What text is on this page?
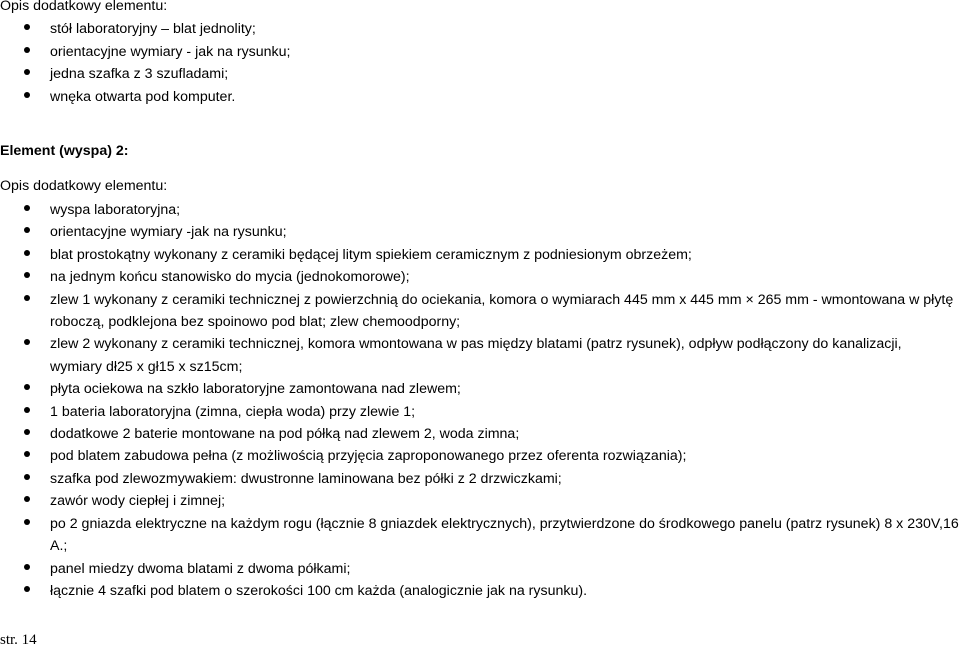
Opis dodatkowy elementu:
stół laboratoryjny – blat jednolity;
orientacyjne wymiary - jak na rysunku;
jedna szafka z 3 szufladami;
wnęka otwarta pod komputer.
Element (wyspa) 2:
Opis dodatkowy elementu:
wyspa laboratoryjna;
orientacyjne wymiary -jak na rysunku;
blat prostokątny wykonany z ceramiki będącej litym spiekiem ceramicznym z podniesionym obrzeżem;
na jednym końcu stanowisko do mycia (jednokomorowe);
zlew 1 wykonany z ceramiki technicznej z powierzchnią do ociekania, komora o wymiarach 445 mm x 445 mm × 265 mm - wmontowana w płytę
roboczą, podklejona bez spoinowo pod blat; zlew chemoodporny;
zlew 2 wykonany z ceramiki technicznej, komora wmontowana w pas między blatami (patrz rysunek), odpływ podłączony do kanalizacji,
wymiary dł25 x gł15 x sz15cm;
płyta ociekowa na szkło laboratoryjne zamontowana nad zlewem;
1 bateria laboratoryjna (zimna, ciepła woda) przy zlewie 1;
dodatkowe 2 baterie montowane na pod półką nad zlewem 2, woda zimna;
pod blatem zabudowa pełna (z możliwością przyjęcia zaproponowanego przez oferenta rozwiązania);
szafka pod zlewozmywakiem: dwustronne laminowana bez półki z 2 drzwiczkami;
zawór wody ciepłej i zimnej;
po 2 gniazda elektryczne na każdym rogu (łącznie 8 gniazdek elektrycznych), przytwierdzone do środkowego panelu (patrz rysunek) 8 x 230V,16
A.;
panel miedzy dwoma blatami z dwoma półkami;
łącznie 4 szafki pod blatem o szerokości 100 cm każda (analogicznie jak na rysunku).
str. 14
